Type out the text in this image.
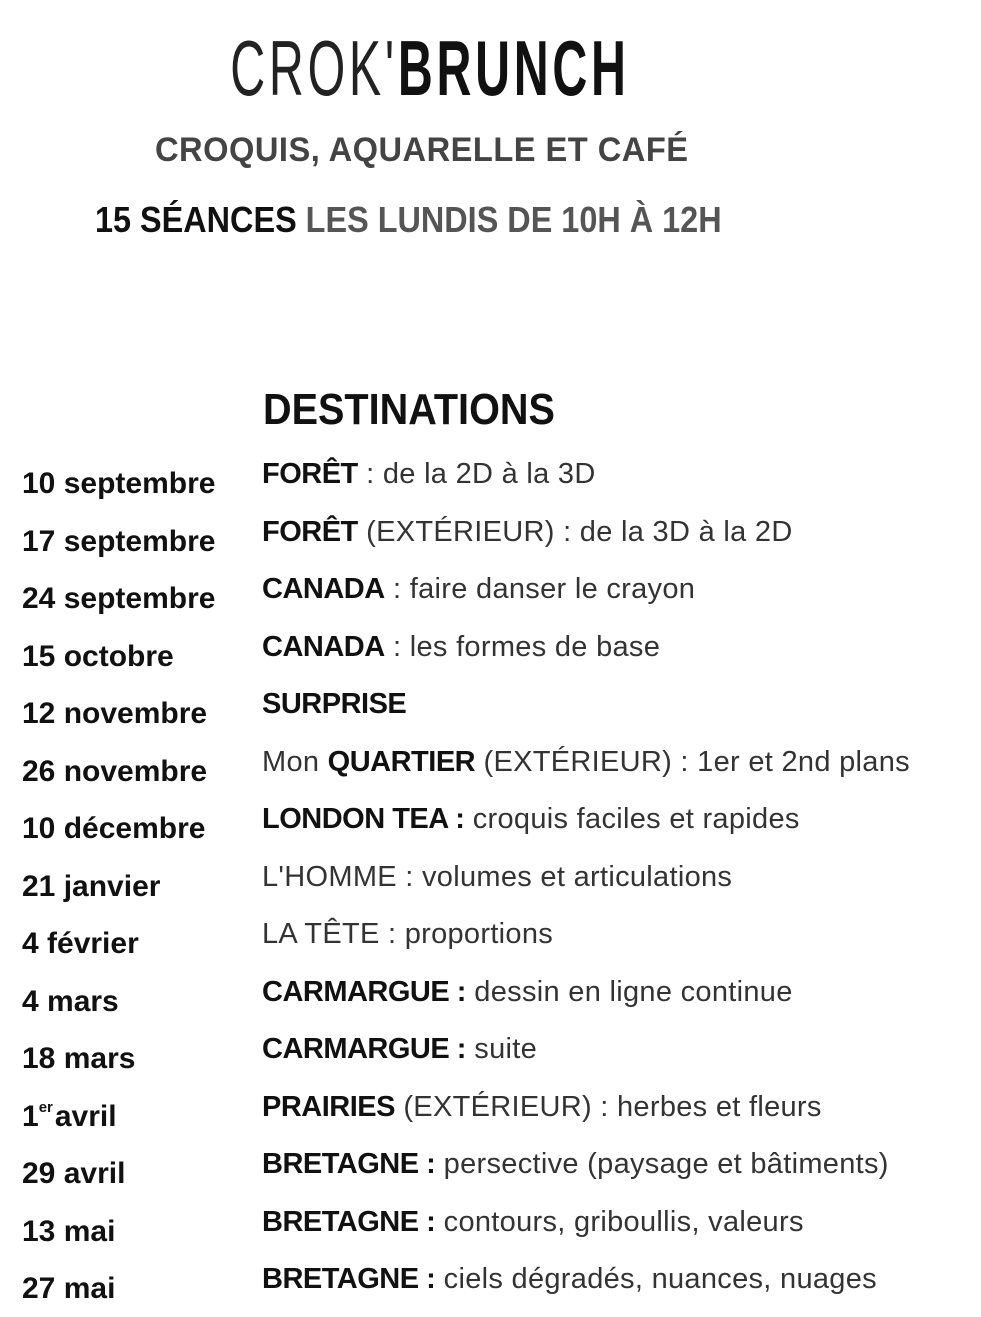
CROK'BRUNCH
CROQUIS, AQUARELLE ET CAFÉ
15 SÉANCES LES LUNDIS DE 10H À 12H
DESTINATIONS
10 septembre FORÊT : de la 2D à la 3D
17 septembre FORÊT (EXTÉRIEUR) : de la 3D à la 2D
24 septembre CANADA : faire danser le crayon
15 octobre	CANADA : les formes de base
12 novembre SURPRISE
26 novembre Mon QUARTIER (EXTÉRIEUR) : 1er et 2nd plans
10 décembre LONDON TEA : croquis faciles et rapides
21 janvier	L'HOMME : volumes et articulations
4 février	LA TÊTE : proportions
4 mars	CARMARGUE : dessin en ligne continue
18 mars	CARMARGUE : suite
1eravril	PRAIRIES (EXTÉRIEUR) : herbes et fleurs
29 avril	BRETAGNE : persective (paysage et bâtiments)
13 mai	BRETAGNE : contours, griboullis, valeurs
27 mai	BRETAGNE : ciels dégradés, nuances, nuages
